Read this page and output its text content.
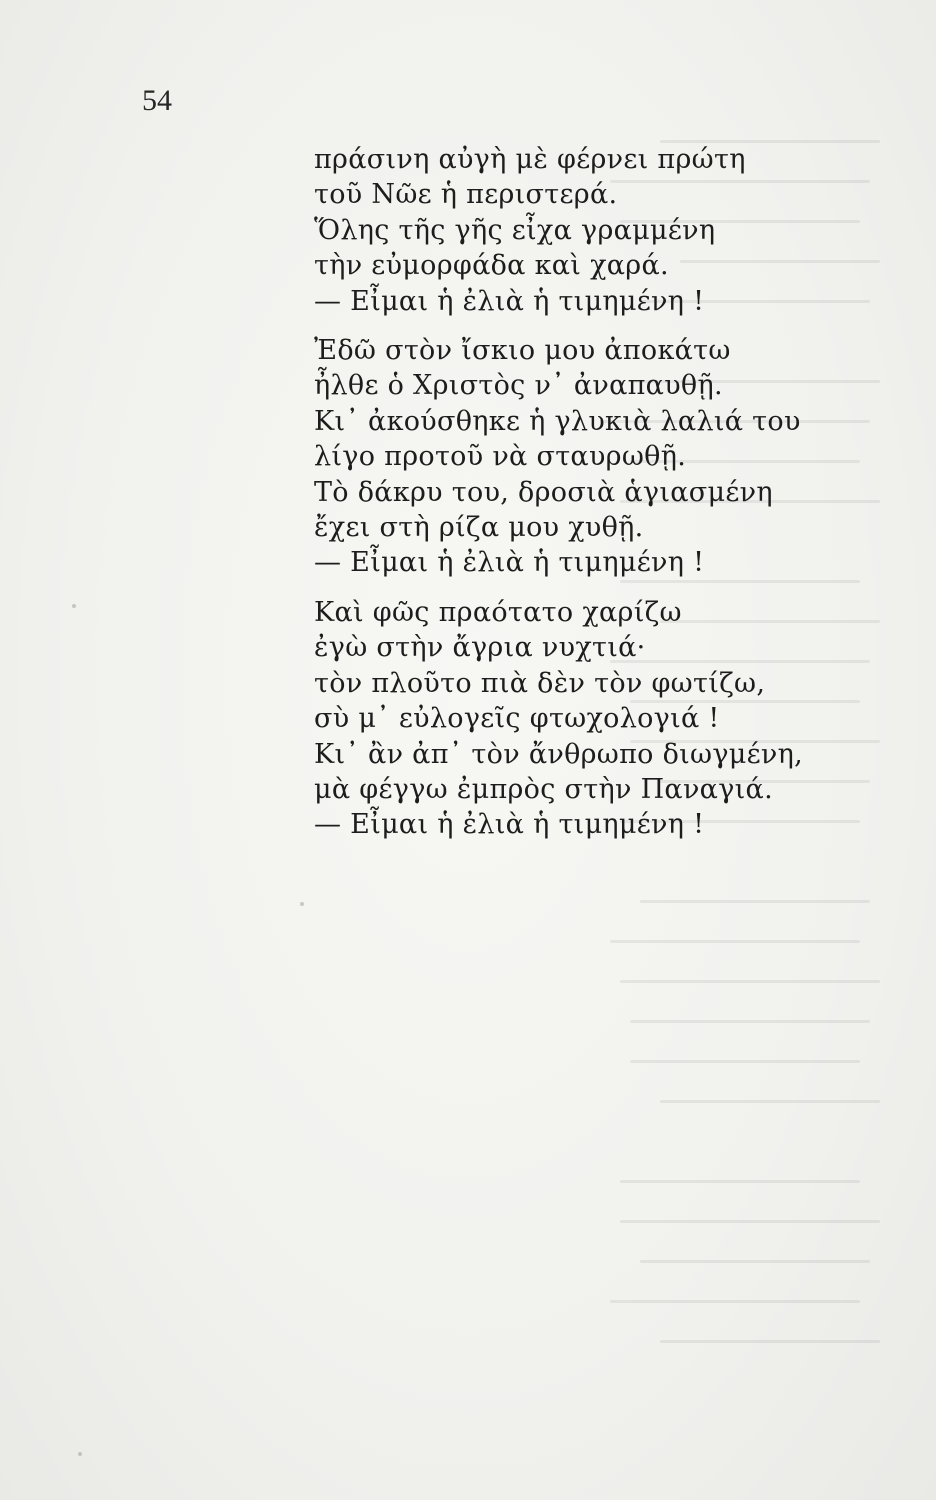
54
πράσινη αὐγὴ μὲ φέρνει πρώτη
τοῦ Νῶε ἡ περιστερά.
Ὅλης τῆς γῆς εἶχα γραμμένη
τὴν εὐμορφάδα καὶ χαρά.
— Εἶμαι ἡ ἐλιὰ ἡ τιμημένη !
Ἐδῶ στὸν ἴσκιο μου ἀποκάτω
ἦλθε ὁ Χριστὸς ν᾽ ἀναπαυθῇ.
Κι᾽ ἀκούσθηκε ἡ γλυκιὰ λαλιά του
λίγο προτοῦ νὰ σταυρωθῇ.
Τὸ δάκρυ του, δροσιὰ ἁγιασμένη
ἔχει στὴ ρίζα μου χυθῇ.
— Εἶμαι ἡ ἐλιὰ ἡ τιμημένη !
Καὶ φῶς πραότατο χαρίζω
ἐγὼ στὴν ἄγρια νυχτιά·
τὸν πλοῦτο πιὰ δὲν τὸν φωτίζω,
σὺ μ᾽ εὐλογεῖς φτωχολογιά !
Κι᾽ ἂν ἀπ᾽ τὸν ἄνθρωπο διωγμένη,
μὰ φέγγω ἐμπρὸς στὴν Παναγιά.
— Εἶμαι ἡ ἐλιὰ ἡ τιμημένη !
